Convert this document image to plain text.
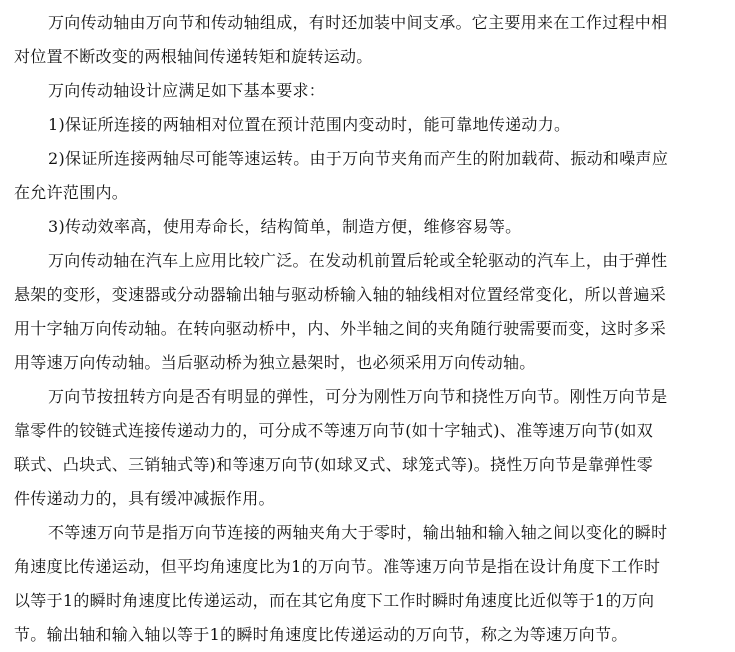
万向传动轴由万向节和传动轴组成，有时还加装中间支承。它主要用来在工作过程中相
对位置不断改变的两根轴间传递转矩和旋转运动。
万向传动轴设计应满足如下基本要求：
1)保证所连接的两轴相对位置在预计范围内变动时，能可靠地传递动力。
2)保证所连接两轴尽可能等速运转。由于万向节夹角而产生的附加载荷、振动和噪声应
在允许范围内。
3)传动效率高，使用寿命长，结构简单，制造方便，维修容易等。
万向传动轴在汽车上应用比较广泛。在发动机前置后轮或全轮驱动的汽车上，由于弹性
悬架的变形，变速器或分动器输出轴与驱动桥输入轴的轴线相对位置经常变化，所以普遍采
用十字轴万向传动轴。在转向驱动桥中，内、外半轴之间的夹角随行驶需要而变，这时多采
用等速万向传动轴。当后驱动桥为独立悬架时，也必须采用万向传动轴。
万向节按扭转方向是否有明显的弹性，可分为刚性万向节和挠性万向节。刚性万向节是
靠零件的铰链式连接传递动力的，可分成不等速万向节(如十字轴式)、准等速万向节(如双
联式、凸块式、三销轴式等)和等速万向节(如球叉式、球笼式等)。挠性万向节是靠弹性零
件传递动力的，具有缓冲减振作用。
不等速万向节是指万向节连接的两轴夹角大于零时，输出轴和输入轴之间以变化的瞬时
角速度比传递运动，但平均角速度比为1的万向节。准等速万向节是指在设计角度下工作时
以等于1的瞬时角速度比传递运动，而在其它角度下工作时瞬时角速度比近似等于1的万向
节。输出轴和输入轴以等于1的瞬时角速度比传递运动的万向节，称之为等速万向节。
